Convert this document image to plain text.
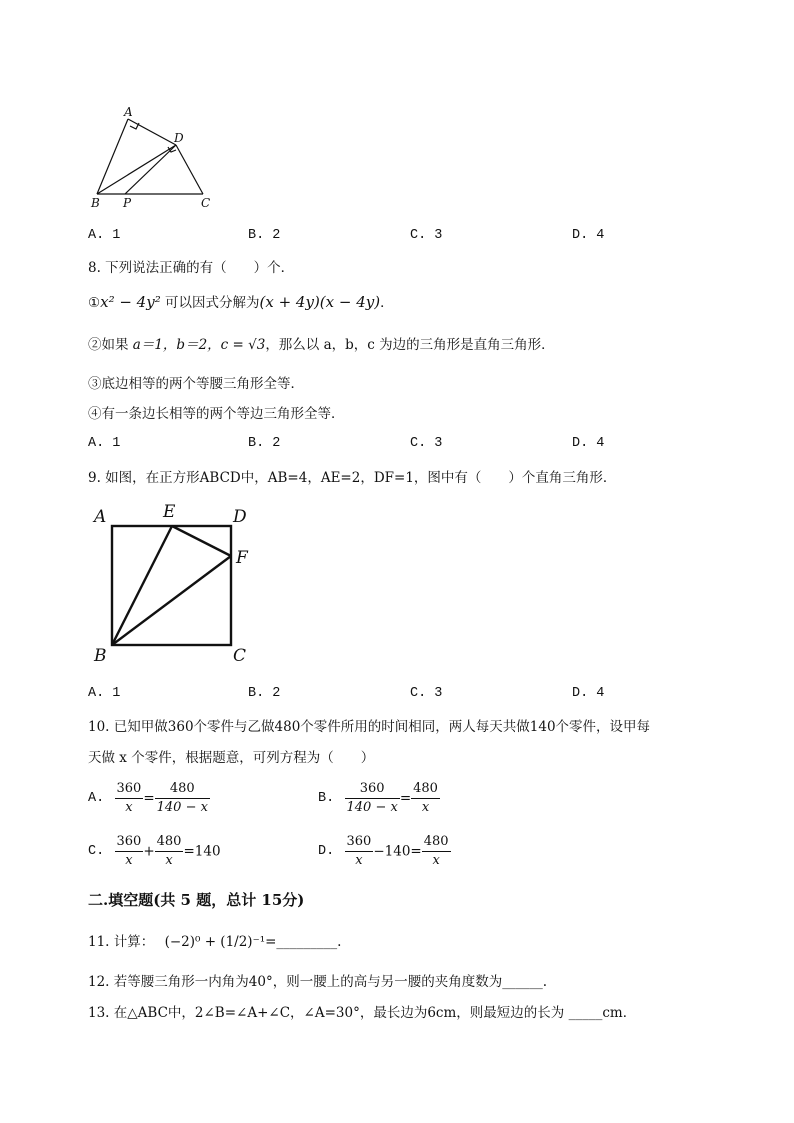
A
D
B P	C
A. 1	B. 2	C. 3	D. 4
8. 下列说法正确的有（　　）个．
①x² − 4y² 可以因式分解为(x + 4y)(x − 4y)．
②如果 a＝1，b＝2，c = √3，那么以 a，b，c 为边的三角形是直角三角形．
③底边相等的两个等腰三角形全等．
④有一条边长相等的两个等边三角形全等．
A. 1	B. 2	C. 3	D. 4
9. 如图，在正方形ABCD中，AB=4，AE=2，DF=1，图中有（　　）个直角三角形．
A	E	D
F
B	C
A. 1	B. 2	C. 3	D. 4
10. 已知甲做360个零件与乙做480个零件所用的时间相同，两人每天共做140个零件，设甲每
天做 x 个零件，根据题意，可列方程为（　　）
A. $\frac{360}{x} = \frac{480}{140 - x}$	B. $\frac{360}{140 - x} = \frac{480}{x}$
C. $\frac{360}{x} + \frac{480}{x} =140$	D. $\frac{360}{x} -140= \frac{480}{x}$
二.填空题(共 5 题，总计 15分)
11. 计算： (−2)⁰ + (1/2)⁻¹=_________.
12. 若等腰三角形一内角为40°，则一腰上的高与另一腰的夹角度数为______.
13. 在△ABC中，2∠B=∠A+∠C，∠A=30°，最长边为6cm，则最短边的长为 _____cm．
